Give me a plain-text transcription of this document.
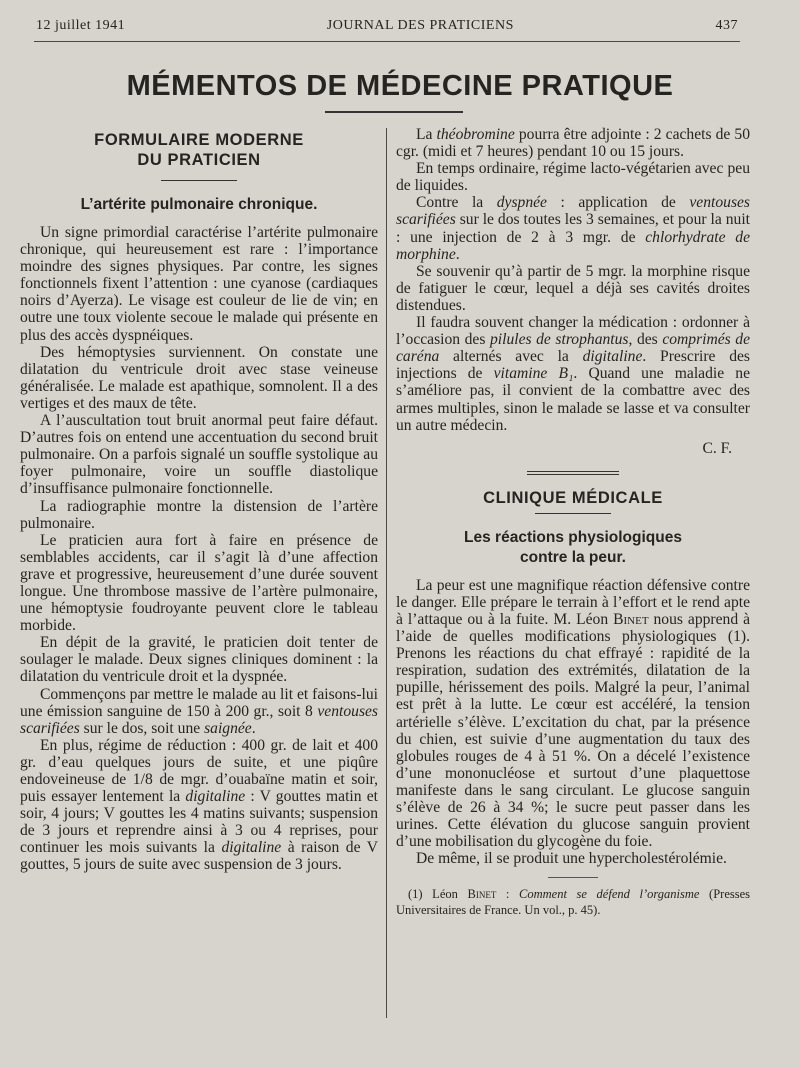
12 juillet 1941	JOURNAL DES PRATICIENS	437
MÉMENTOS DE MÉDECINE PRATIQUE
FORMULAIRE MODERNE
DU PRATICIEN
L’artérite pulmonaire chronique.

Un signe primordial caractérise l’artérite pulmonaire chronique, qui heureusement est rare : l’importance moindre des signes physiques. Par contre, les signes fonctionnels fixent l’attention : une cyanose (cardiaques noirs d’Ayerza). Le visage est couleur de lie de vin; en outre une toux violente secoue le malade qui présente en plus des accès dyspnéiques.

Des hémoptysies surviennent. On constate une dilatation du ventricule droit avec stase veineuse généralisée. Le malade est apathique, somnolent. Il a des vertiges et des maux de tête.

A l’auscultation tout bruit anormal peut faire défaut. D’autres fois on entend une accentuation du second bruit pulmonaire. On a parfois signalé un souffle systolique au foyer pulmonaire, voire un souffle diastolique d’insuffisance pulmonaire fonctionnelle.

La radiographie montre la distension de l’artère pulmonaire.

Le praticien aura fort à faire en présence de semblables accidents, car il s’agit là d’une affection grave et progressive, heureusement d’une durée souvent longue. Une thrombose massive de l’artère pulmonaire, une hémoptysie foudroyante peuvent clore le tableau morbide.

En dépit de la gravité, le praticien doit tenter de soulager le malade. Deux signes cliniques dominent : la dilatation du ventricule droit et la dyspnée.

Commençons par mettre le malade au lit et faisons-lui une émission sanguine de 150 à 200 gr., soit 8 ventouses scarifiées sur le dos, soit une saignée.

En plus, régime de réduction : 400 gr. de lait et 400 gr. d’eau quelques jours de suite, et une piqûre endoveineuse de 1/8 de mgr. d’ouabaïne matin et soir, puis essayer lentement la digitaline : V gouttes matin et soir, 4 jours; V gouttes les 4 matins suivants; suspension de 3 jours et reprendre ainsi à 3 ou 4 reprises, pour continuer les mois suivants la digitaline à raison de V gouttes, 5 jours de suite avec suspension de 3 jours.

La théobromine pourra être adjointe : 2 cachets de 50 cgr. (midi et 7 heures) pendant 10 ou 15 jours.

En temps ordinaire, régime lacto-végétarien avec peu de liquides.

Contre la dyspnée : application de ventouses scarifiées sur le dos toutes les 3 semaines, et pour la nuit : une injection de 2 à 3 mgr. de chlorhydrate de morphine.

Se souvenir qu’à partir de 5 mgr. la morphine risque de fatiguer le cœur, lequel a déjà ses cavités droites distendues.

Il faudra souvent changer la médication : ordonner à l’occasion des pilules de strophantus, des comprimés de caréna alternés avec la digitaline. Prescrire des injections de vitamine B₁. Quand une maladie ne s’améliore pas, il convient de la combattre avec des armes multiples, sinon le malade se lasse et va consulter un autre médecin.

C. F.
CLINIQUE MÉDICALE
Les réactions physiologiques
contre la peur.

La peur est une magnifique réaction défensive contre le danger. Elle prépare le terrain à l’effort et le rend apte à l’attaque ou à la fuite. M. Léon Binet nous apprend à l’aide de quelles modifications physiologiques (1). Prenons les réactions du chat effrayé : rapidité de la respiration, sudation des extrémités, dilatation de la pupille, hérissement des poils. Malgré la peur, l’animal est prêt à la lutte. Le cœur est accéléré, la tension artérielle s’élève. L’excitation du chat, par la présence du chien, est suivie d’une augmentation du taux des globules rouges de 4 à 51 %. On a décelé l’existence d’une mononucléose et surtout d’une plaquettose manifeste dans le sang circulant. Le glucose sanguin s’élève de 26 à 34 %; le sucre peut passer dans les urines. Cette élévation du glucose sanguin provient d’une mobilisation du glycogène du foie.

De même, il se produit une hypercholestérolémie.

(1) Léon Binet : Comment se défend l’organisme (Presses Universitaires de France. Un vol., p. 45).
